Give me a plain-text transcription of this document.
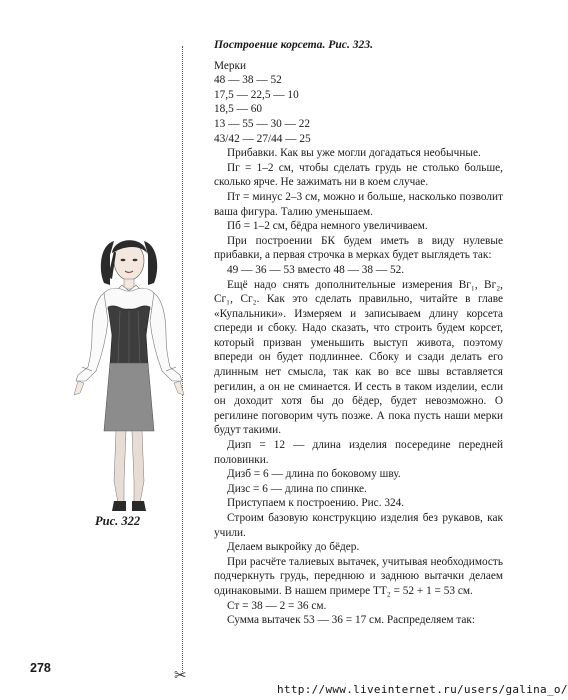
✂
Рис. 322

Построение корсета. Рис. 323.

Мерки

48 — 38 — 52

17,5 — 22,5 — 10

18,5 — 60

13 — 55 — 30 — 22

43/42 — 27/44 — 25

Прибавки. Как вы уже могли догадаться необычные.

Пг = 1–2 см, чтобы сделать грудь не столько больше, сколько ярче. Не зажимать ни в коем случае.

Пт = минус 2–3 см, можно и больше, насколько позволит ваша фигура. Талию уменьшаем.

Пб = 1–2 см, бёдра немного увеличиваем.

При построении БК будем иметь в виду нулевые прибавки, а первая строчка в мерках будет выглядеть так:

49 — 36 — 53 вместо 48 — 38 — 52.

Ещё надо снять дополнительные измерения Вг₁, Вг₂, Сг₁, Сг₂. Как это сделать правильно, читайте в главе «Купальники». Измеряем и записываем длину корсета спереди и сбоку. Надо сказать, что строить будем корсет, который призван уменьшить выступ живота, поэтому впереди он будет подлиннее. Сбоку и сзади делать его длинным нет смысла, так как во все швы вставляется регилин, а он не сминается. И сесть в таком изделии, если он доходит хотя бы до бёдер, будет невозможно. О регилине поговорим чуть позже. А пока пусть наши мерки будут такими.

Дизп = 12 — длина изделия посередине передней половинки.

Дизб = 6 — длина по боковому шву.

Дизс = 6 — длина по спинке.

Приступаем к построению. Рис. 324.

Строим базовую конструкцию изделия без рукавов, как учили.

Делаем выкройку до бёдер.

При расчёте талиевых вытачек, учитывая необходимость подчеркнуть грудь, переднюю и заднюю вытачки делаем одинаковыми. В нашем примере ТТ₂ = 52 + 1 = 53 см.

Ст = 38 — 2 = 36 см.

Сумма вытачек 53 — 36 = 17 см. Распределяем так:

278
http://www.liveinternet.ru/users/galina_o/
